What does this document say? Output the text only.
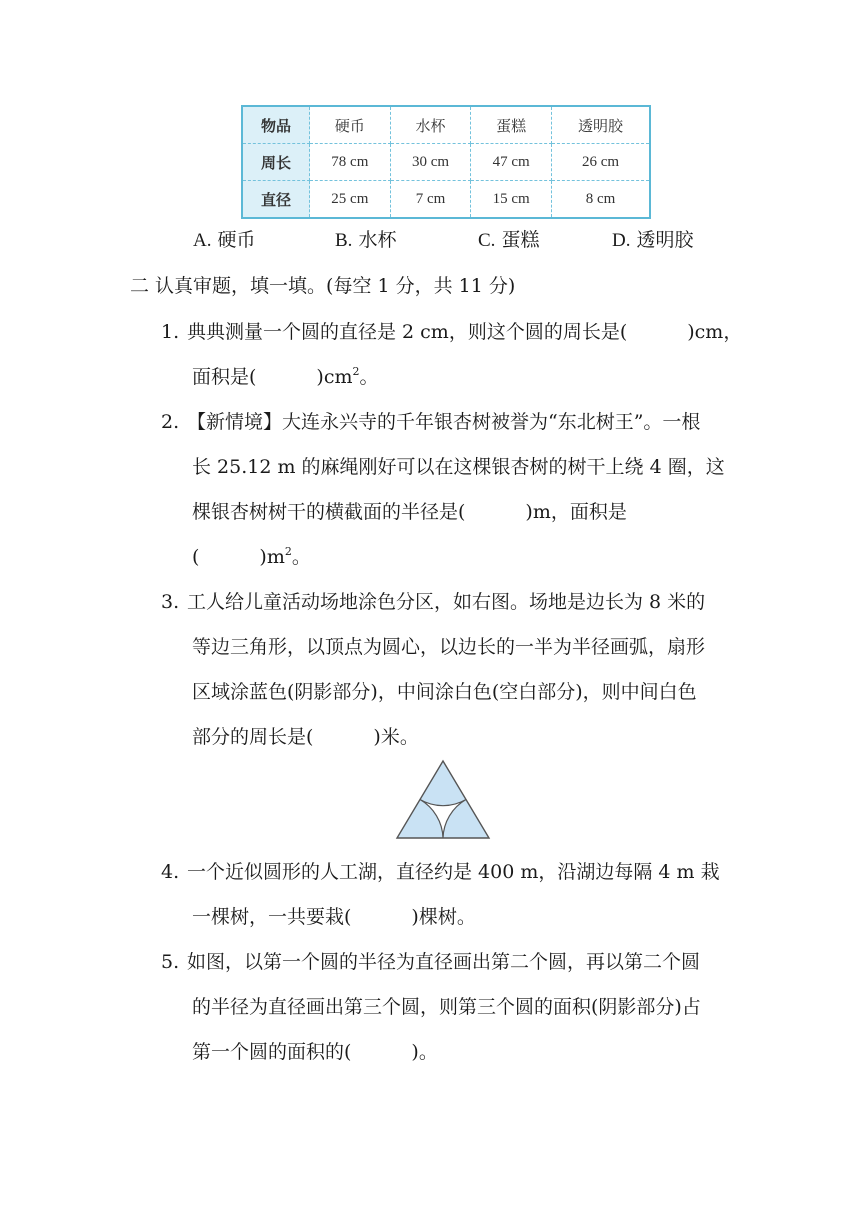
物品	硬币	水杯	蛋糕	透明胶
周长	78 cm	30 cm	47 cm	26 cm
直径	25 cm	7 cm	15 cm	8 cm
A. 硬币	B. 水杯	C. 蛋糕	D. 透明胶
二 认真审题，填一填。(每空 1 分，共 11 分)
1. 典典测量一个圆的直径是 2 cm，则这个圆的周长是(	)cm，
面积是(	)$cm^2$。
2. 【新情境】大连永兴寺的千年银杏树被誉为“东北树王”。一根
长 25.12 m 的麻绳刚好可以在这棵银杏树的树干上绕 4 圈，这
棵银杏树树干的横截面的半径是(	)m，面积是
(	)$m^2$。
3. 工人给儿童活动场地涂色分区，如右图。场地是边长为 8 米的
等边三角形，以顶点为圆心，以边长的一半为半径画弧，扇形
区域涂蓝色(阴影部分)，中间涂白色(空白部分)，则中间白色
部分的周长是(	)米。
4. 一个近似圆形的人工湖，直径约是 400 m，沿湖边每隔 4 m 栽
一棵树，一共要栽(	)棵树。
5. 如图，以第一个圆的半径为直径画出第二个圆，再以第二个圆
的半径为直径画出第三个圆，则第三个圆的面积(阴影部分)占
第一个圆的面积的(	)。
